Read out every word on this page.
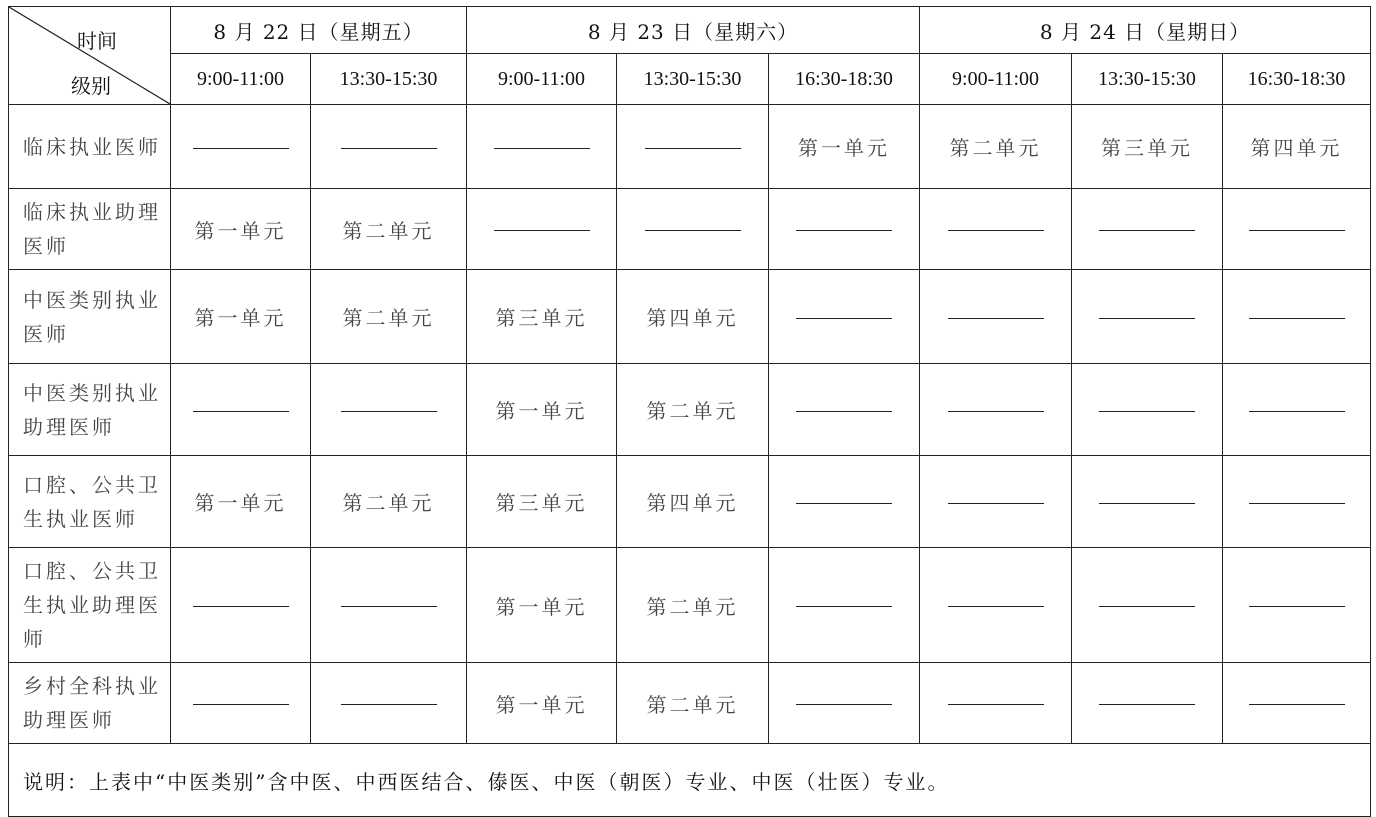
时间
级别	8 月 22 日（星期五）		8 月 23 日（星期六）			8 月 24 日（星期日）		
	9:00-11:00	13:30-15:30	9:00-11:00	13:30-15:30	16:30-18:30	9:00-11:00	13:30-15:30	16:30-18:30
临床执业医师					第一单元	第二单元	第三单元	第四单元
临床执业助理医师	第一单元	第二单元						
中医类别执业医师	第一单元	第二单元	第三单元	第四单元				
中医类别执业助理医师			第一单元	第二单元				
口腔、公共卫生执业医师	第一单元	第二单元	第三单元	第四单元				
口腔、公共卫生执业助理医师			第一单元	第二单元				
乡村全科执业助理医师			第一单元	第二单元				
说明：上表中“中医类别”含中医、中西医结合、傣医、中医（朝医）专业、中医（壮医）专业。								
